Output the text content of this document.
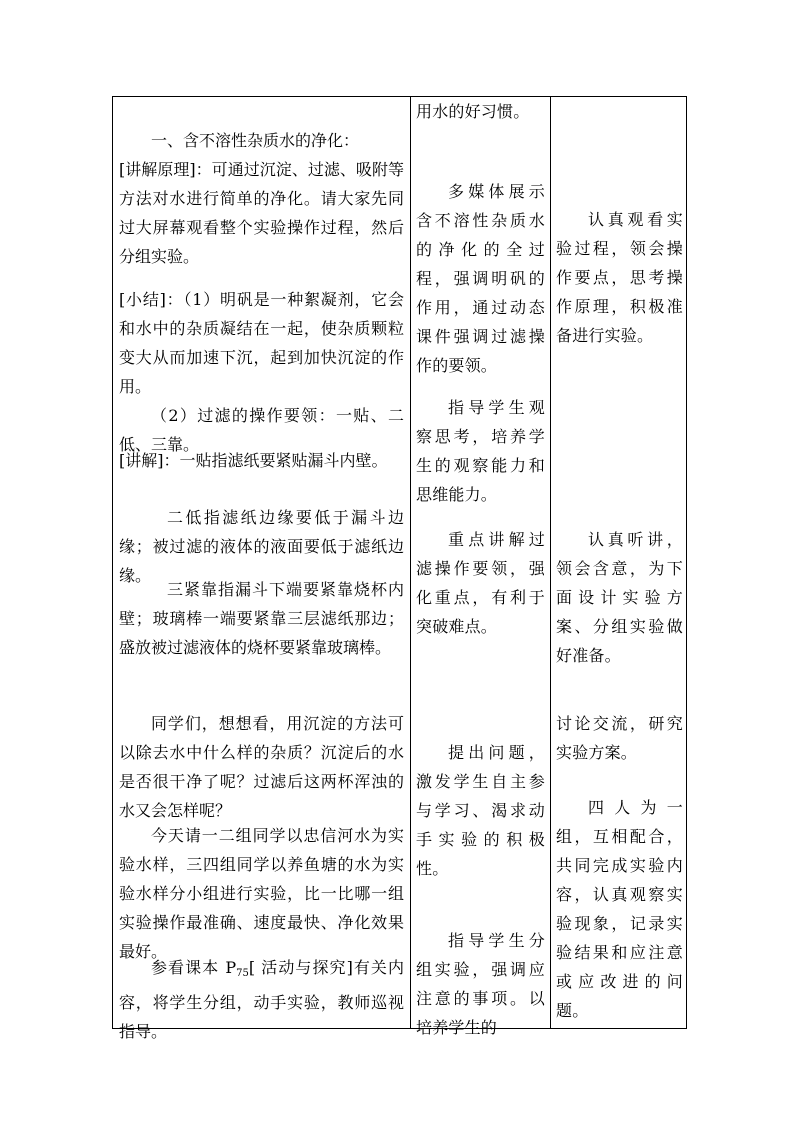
一、含不溶性杂质水的净化：

[讲解原理]：可通过沉淀、过滤、吸附等方法对水进行简单的净化。请大家先同过大屏幕观看整个实验操作过程，然后分组实验。

[小结]：（1）明矾是一种絮凝剂，它会和水中的杂质凝结在一起，使杂质颗粒变大从而加速下沉，起到加快沉淀的作用。

（2）过滤的操作要领：一贴、二低、三靠。

[讲解]：一贴指滤纸要紧贴漏斗内壁。

二低指滤纸边缘要低于漏斗边缘；被过滤的液体的液面要低于滤纸边缘。

三紧靠指漏斗下端要紧靠烧杯内壁；玻璃棒一端要紧靠三层滤纸那边；盛放被过滤液体的烧杯要紧靠玻璃棒。

同学们，想想看，用沉淀的方法可以除去水中什么样的杂质？沉淀后的水是否很干净了呢？过滤后这两杯浑浊的水又会怎样呢？

今天请一二组同学以忠信河水为实验水样，三四组同学以养鱼塘的水为实验水样分小组进行实验，比一比哪一组实验操作最准确、速度最快、净化效果最好。

参看课本 $P_{75}$[ 活动与探究]有关内容，将学生分组，动手实验，教师巡视指导。

用水的好习惯。

多媒体展示含不溶性杂质水的净化的全过程，强调明矾的作用，通过动态课件强调过滤操作的要领。

指导学生观察思考，培养学生的观察能力和思维能力。

重点讲解过滤操作要领，强化重点，有利于突破难点。

提出问题，激发学生自主参与学习、渴求动手实验的积极性。

指导学生分组实验，强调应注意的事项。以培养学生的

认真观看实验过程，领会操作要点，思考操作原理，积极准备进行实验。

认真听讲，领会含意，为下面设计实验方案、分组实验做好准备。

讨论交流，研究实验方案。

四人为一组，互相配合，共同完成实验内容，认真观察实验现象，记录实验结果和应注意或应改进的问题。
